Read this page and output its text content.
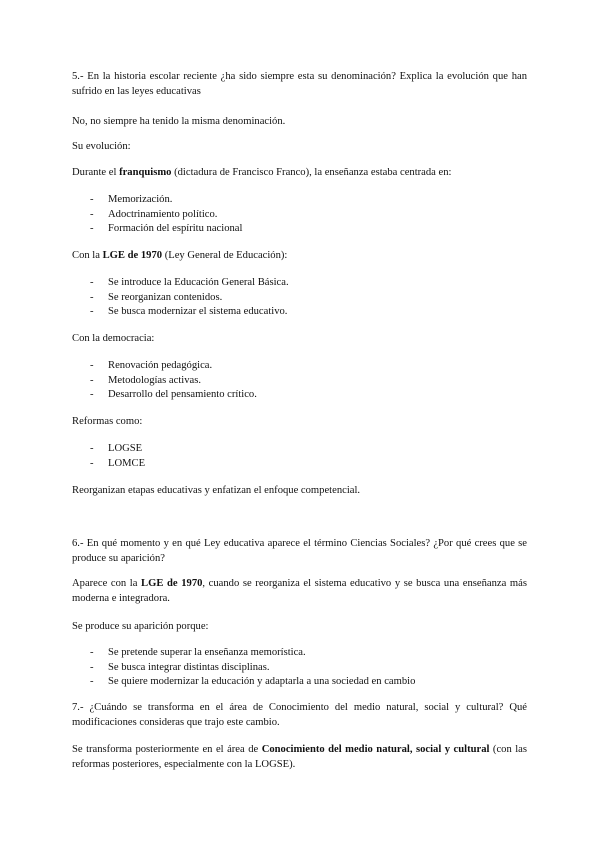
5.- En la historia escolar reciente ¿ha sido siempre esta su denominación? Explica la evolución que han sufrido en las leyes educativas

No, no siempre ha tenido la misma denominación.

Su evolución:

Durante el franquismo (dictadura de Francisco Franco), la enseñanza estaba centrada en:

- Memorización.
- Adoctrinamiento político.
- Formación del espíritu nacional

Con la LGE de 1970 (Ley General de Educación):

- Se introduce la Educación General Básica.
- Se reorganizan contenidos.
- Se busca modernizar el sistema educativo.

Con la democracia:

- Renovación pedagógica.
- Metodologías activas.
- Desarrollo del pensamiento crítico.

Reformas como:

- LOGSE
- LOMCE

Reorganizan etapas educativas y enfatizan el enfoque competencial.

6.- En qué momento y en qué Ley educativa aparece el término Ciencias Sociales? ¿Por qué crees que se produce su aparición?

Aparece con la LGE de 1970, cuando se reorganiza el sistema educativo y se busca una enseñanza más moderna e integradora.

Se produce su aparición porque:

- Se pretende superar la enseñanza memorística.
- Se busca integrar distintas disciplinas.
- Se quiere modernizar la educación y adaptarla a una sociedad en cambio

7.- ¿Cuándo se transforma en el área de Conocimiento del medio natural, social y cultural? Qué modificaciones consideras que trajo este cambio.

Se transforma posteriormente en el área de Conocimiento del medio natural, social y cultural (con las reformas posteriores, especialmente con la LOGSE).
